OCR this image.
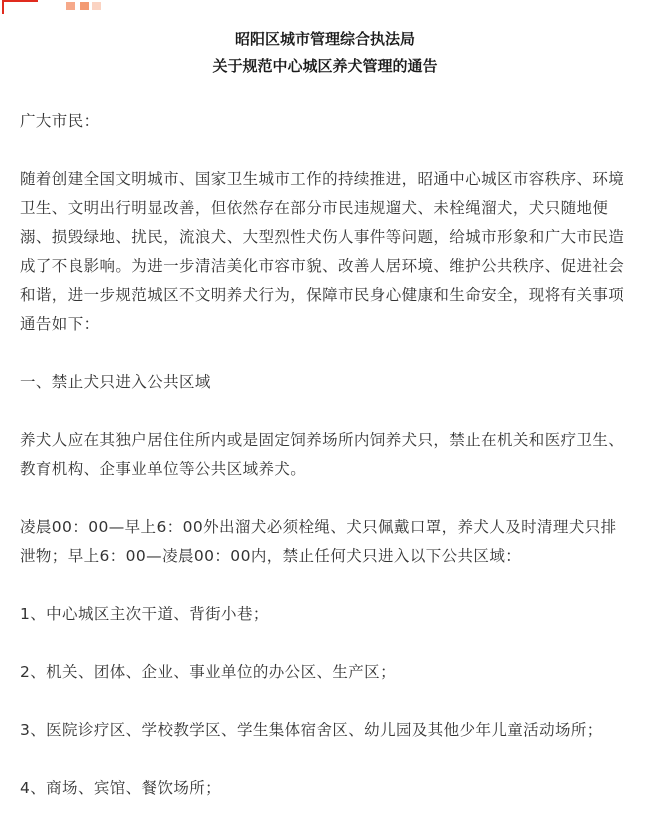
昭阳区城市管理综合执法局
关于规范中心城区养犬管理的通告

广大市民：

随着创建全国文明城市、国家卫生城市工作的持续推进，昭通中心城区市容秩序、环境卫生、文明出行明显改善，但依然存在部分市民违规遛犬、未栓绳溜犬，犬只随地便溺、损毁绿地、扰民，流浪犬、大型烈性犬伤人事件等问题，给城市形象和广大市民造成了不良影响。为进一步清洁美化市容市貌、改善人居环境、维护公共秩序、促进社会和谐，进一步规范城区不文明养犬行为，保障市民身心健康和生命安全，现将有关事项通告如下：

一、禁止犬只进入公共区域

养犬人应在其独户居住住所内或是固定饲养场所内饲养犬只，禁止在机关和医疗卫生、教育机构、企事业单位等公共区域养犬。

凌晨00：00—早上6：00外出溜犬必须栓绳、犬只佩戴口罩，养犬人及时清理犬只排泄物；早上6：00—凌晨00：00内，禁止任何犬只进入以下公共区域：

1、中心城区主次干道、背街小巷；

2、机关、团体、企业、事业单位的办公区、生产区；

3、医院诊疗区、学校教学区、学生集体宿舍区、幼儿园及其他少年儿童活动场所；

4、商场、宾馆、餐饮场所；
